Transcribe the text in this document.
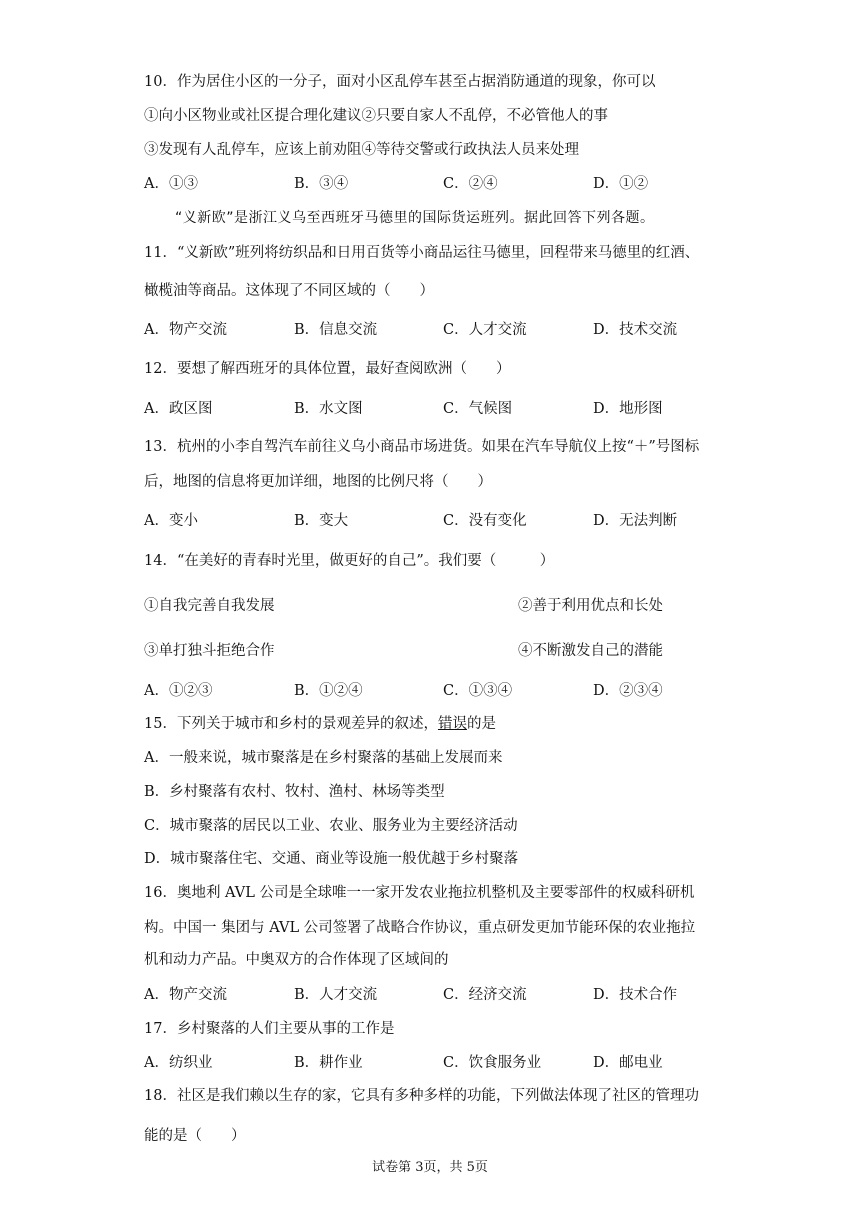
10．作为居住小区的一分子，面对小区乱停车甚至占据消防通道的现象，你可以
①向小区物业或社区提合理化建议②只要自家人不乱停，不必管他人的事
③发现有人乱停车，应该上前劝阻④等待交警或行政执法人员来处理
A．①③	B．③④	C．②④	D．①②
“义新欧”是浙江义乌至西班牙马德里的国际货运班列。据此回答下列各题。
11．“义新欧”班列将纺织品和日用百货等小商品运往马德里，回程带来马德里的红酒、
橄榄油等商品。这体现了不同区域的（　　）
A．物产交流	B．信息交流	C．人才交流	D．技术交流
12．要想了解西班牙的具体位置，最好查阅欧洲（　　）
A．政区图	B．水文图	C．气候图	D．地形图
13．杭州的小李自驾汽车前往义乌小商品市场进货。如果在汽车导航仪上按“＋”号图标
后，地图的信息将更加详细，地图的比例尺将（　　）
A．变小	B．变大	C．没有变化	D．无法判断
14．“在美好的青春时光里，做更好的自己”。我们要（　　　）
①自我完善自我发展	②善于利用优点和长处
③单打独斗拒绝合作	④不断激发自己的潜能
A．①②③	B．①②④	C．①③④	D．②③④
15．下列关于城市和乡村的景观差异的叙述，错误的是
A．一般来说，城市聚落是在乡村聚落的基础上发展而来
B．乡村聚落有农村、牧村、渔村、林场等类型
C．城市聚落的居民以工业、农业、服务业为主要经济活动
D．城市聚落住宅、交通、商业等设施一般优越于乡村聚落
16．奥地利 AVL 公司是全球唯一一家开发农业拖拉机整机及主要零部件的权威科研机
构。中国一 集团与 AVL 公司签署了战略合作协议，重点研发更加节能环保的农业拖拉
机和动力产品。中奥双方的合作体现了区域间的
A．物产交流	B．人才交流	C．经济交流	D．技术合作
17．乡村聚落的人们主要从事的工作是
A．纺织业	B．耕作业	C．饮食服务业	D．邮电业
18．社区是我们赖以生存的家，它具有多种多样的功能，下列做法体现了社区的管理功
能的是（　　）
试卷第 3页，共 5页
